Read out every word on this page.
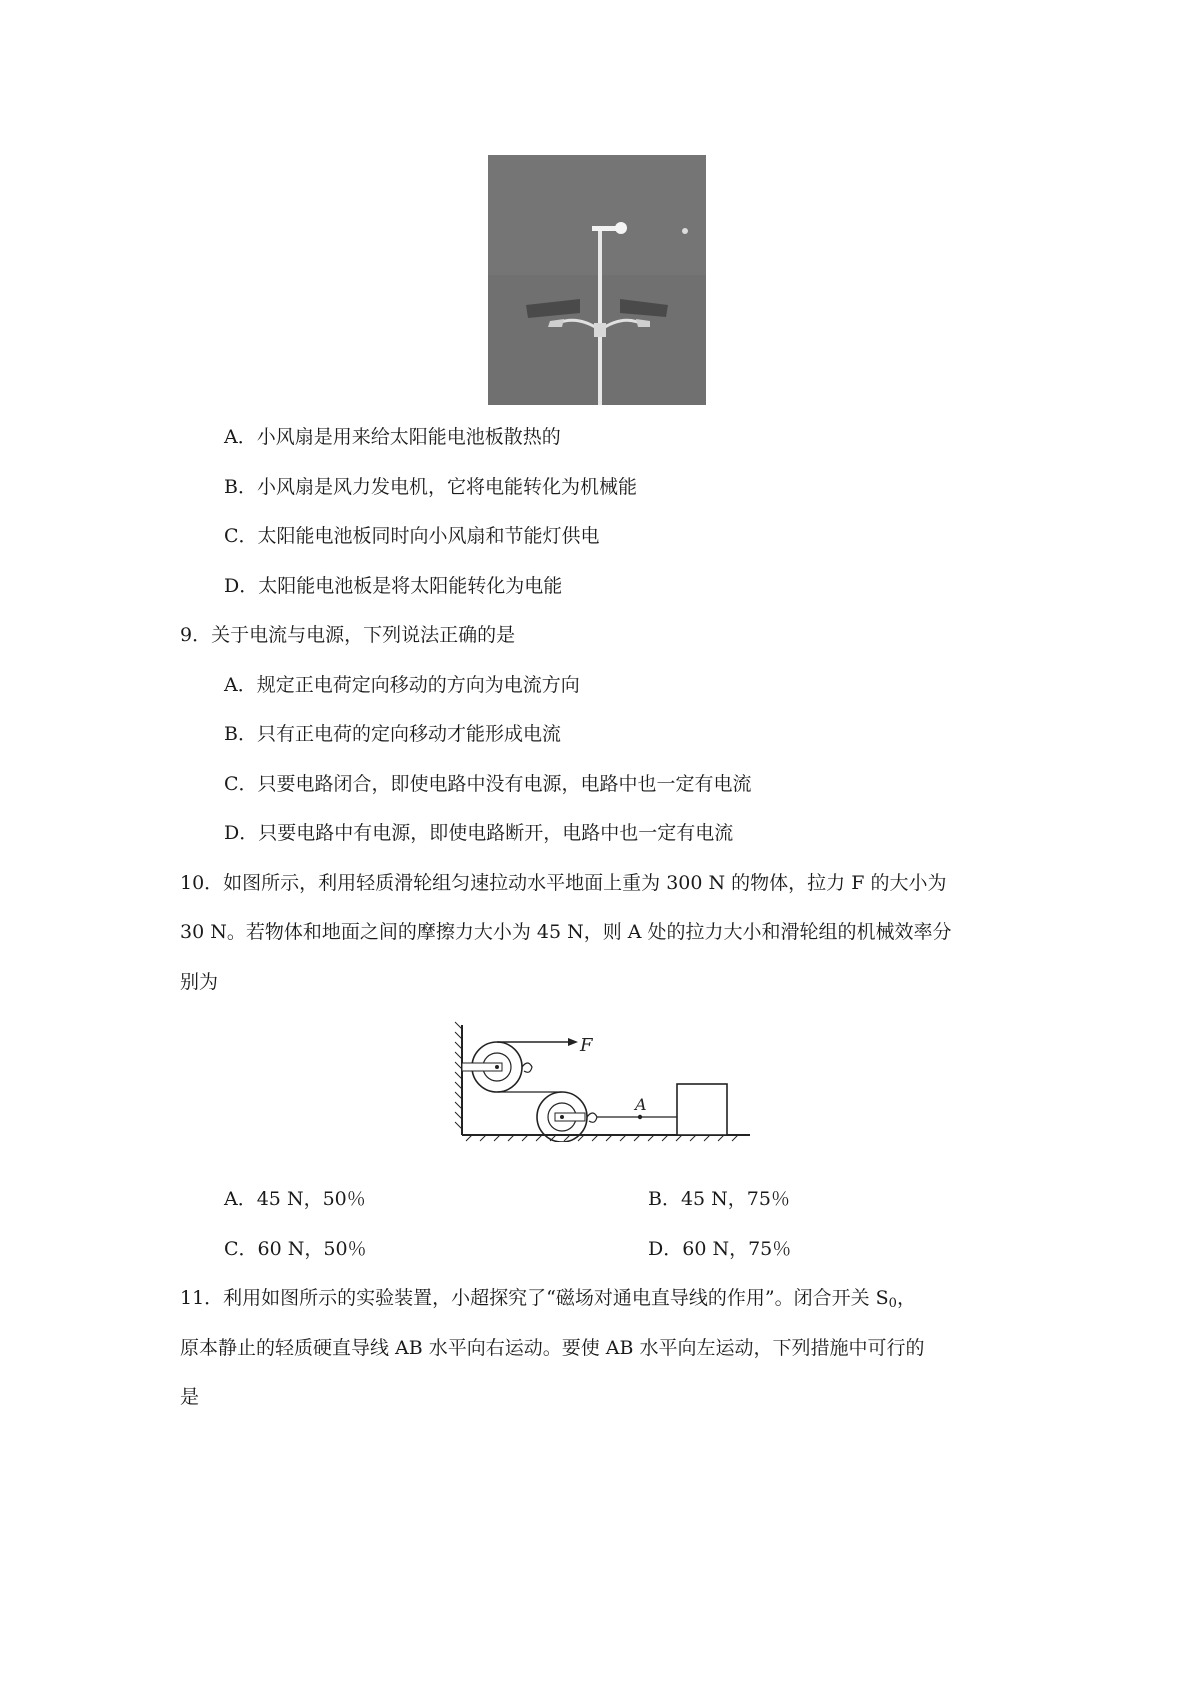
A．小风扇是用来给太阳能电池板散热的
B．小风扇是风力发电机，它将电能转化为机械能
C．太阳能电池板同时向小风扇和节能灯供电
D．太阳能电池板是将太阳能转化为电能
9．关于电流与电源，下列说法正确的是
A．规定正电荷定向移动的方向为电流方向
B．只有正电荷的定向移动才能形成电流
C．只要电路闭合，即使电路中没有电源，电路中也一定有电流
D．只要电路中有电源，即使电路断开，电路中也一定有电流
10．如图所示，利用轻质滑轮组匀速拉动水平地面上重为 300 N 的物体，拉力 F 的大小为
30 N。若物体和地面之间的摩擦力大小为 45 N，则 A 处的拉力大小和滑轮组的机械效率分
别为
F
A
A．45 N，50％	B．45 N，75％
C．60 N，50％	D．60 N，75％
11．利用如图所示的实验装置，小超探究了“磁场对通电直导线的作用”。闭合开关 $S_0$，
原本静止的轻质硬直导线 AB 水平向右运动。要使 AB 水平向左运动，下列措施中可行的
是
